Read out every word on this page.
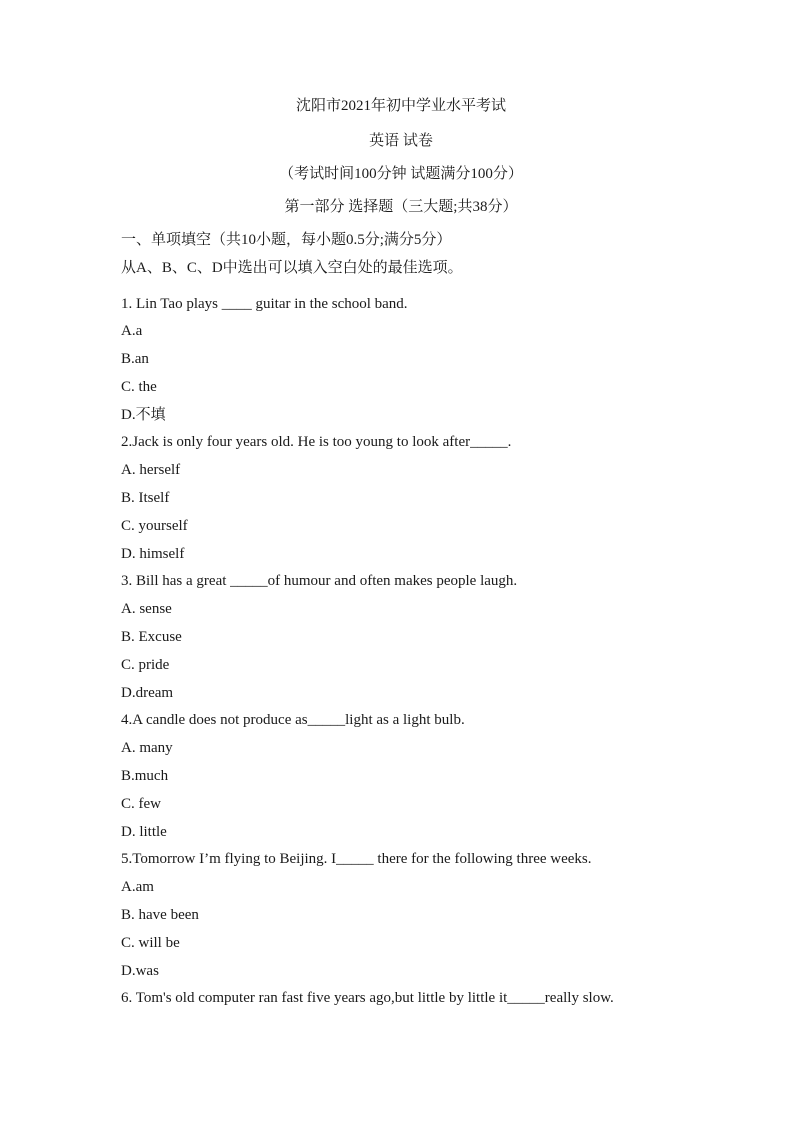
沈阳市2021年初中学业水平考试
英语 试卷
（考试时间100分钟 试题满分100分）
第一部分 选择题（三大题;共38分）
一、单项填空（共10小题，每小题0.5分;满分5分）
从A、B、C、D中选出可以填入空白处的最佳选项。
1. Lin Tao plays ____ guitar in the school band.
A.a
B.an
C. the
D.不填
2.Jack is only four years old. He is too young to look after_____.
A. herself
B. Itself
C. yourself
D. himself
3. Bill has a great _____of humour and often makes people laugh.
A. sense
B. Excuse
C. pride
D.dream
4.A candle does not produce as_____light as a light bulb.
A. many
B.much
C. few
D. little
5.Tomorrow I’m flying to Beijing. I_____ there for the following three weeks.
A.am
B. have been
C. will be
D.was
6. Tom's old computer ran fast five years ago,but little by little it_____really slow.
